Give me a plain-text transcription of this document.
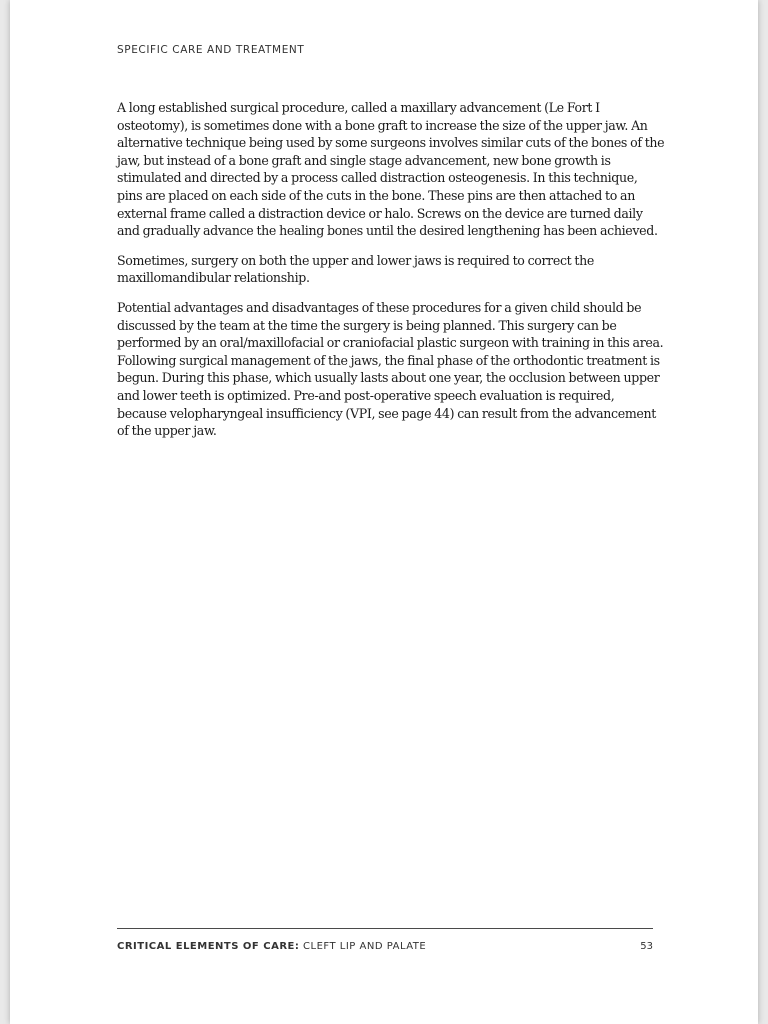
SPECIFIC CARE AND TREATMENT

A long established surgical procedure, called a maxillary advancement (Le Fort I osteotomy), is sometimes done with a bone graft to increase the size of the upper jaw. An alternative technique being used by some surgeons involves similar cuts of the bones of the jaw, but instead of a bone graft and single stage advancement, new bone growth is stimulated and directed by a process called distraction osteogenesis. In this technique, pins are placed on each side of the cuts in the bone. These pins are then attached to an external frame called a distraction device or halo. Screws on the device are turned daily and gradually advance the healing bones until the desired lengthening has been achieved.

Sometimes, surgery on both the upper and lower jaws is required to correct the maxillomandibular relationship.

Potential advantages and disadvantages of these procedures for a given child should be discussed by the team at the time the surgery is being planned. This surgery can be performed by an oral/maxillofacial or craniofacial plastic surgeon with training in this area. Following surgical management of the jaws, the final phase of the orthodontic treatment is begun. During this phase, which usually lasts about one year, the occlusion between upper and lower teeth is optimized. Pre-and post-operative speech evaluation is required, because velopharyngeal insufficiency (VPI, see page 44) can result from the advancement of the upper jaw.

CRITICAL ELEMENTS OF CARE: CLEFT LIP AND PALATE	53
